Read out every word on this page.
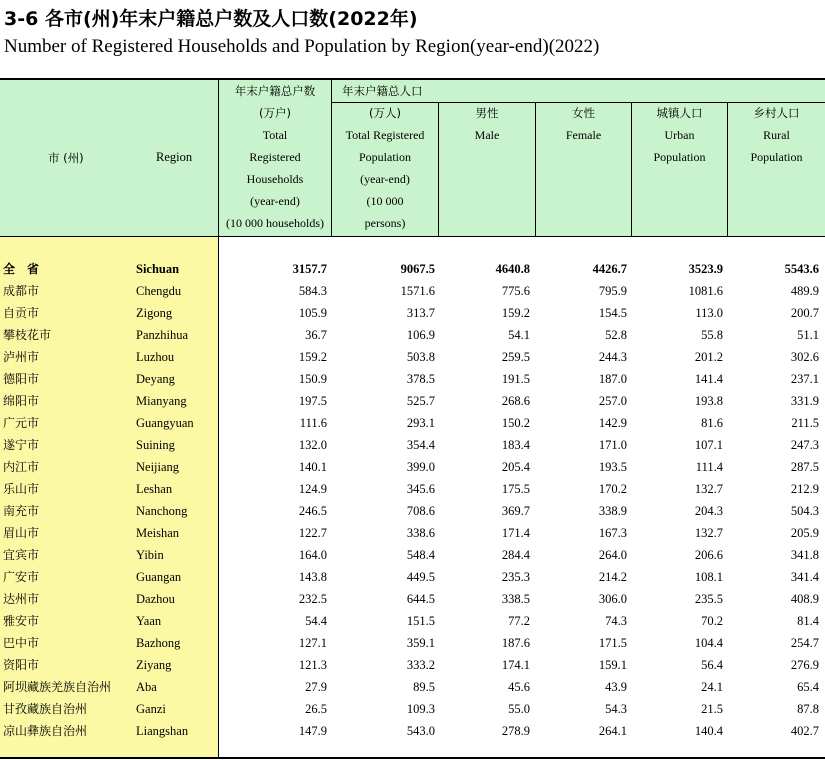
3-6 各市(州)年末户籍总户数及人口数(2022年)
Number of Registered Households and Population by Region(year-end)(2022)
市 (州)	Region
年末户籍总户数
(万户)
Total
Registered
Households
(year-end)
(10 000 households)
年末户籍总人口
(万人)
Total Registered
Population
(year-end)
(10 000
persons)
男性
Male
女性
Female
城镇人口
Urban
Population
乡村人口
Rural
Population
全　省	Sichuan	3157.7	9067.5	4640.8	4426.7	3523.9	5543.6
成都市	Chengdu	584.3	1571.6	775.6	795.9	1081.6	489.9
自贡市	Zigong	105.9	313.7	159.2	154.5	113.0	200.7
攀枝花市	Panzhihua	36.7	106.9	54.1	52.8	55.8	51.1
泸州市	Luzhou	159.2	503.8	259.5	244.3	201.2	302.6
德阳市	Deyang	150.9	378.5	191.5	187.0	141.4	237.1
绵阳市	Mianyang	197.5	525.7	268.6	257.0	193.8	331.9
广元市	Guangyuan	111.6	293.1	150.2	142.9	81.6	211.5
遂宁市	Suining	132.0	354.4	183.4	171.0	107.1	247.3
内江市	Neijiang	140.1	399.0	205.4	193.5	111.4	287.5
乐山市	Leshan	124.9	345.6	175.5	170.2	132.7	212.9
南充市	Nanchong	246.5	708.6	369.7	338.9	204.3	504.3
眉山市	Meishan	122.7	338.6	171.4	167.3	132.7	205.9
宜宾市	Yibin	164.0	548.4	284.4	264.0	206.6	341.8
广安市	Guangan	143.8	449.5	235.3	214.2	108.1	341.4
达州市	Dazhou	232.5	644.5	338.5	306.0	235.5	408.9
雅安市	Yaan	54.4	151.5	77.2	74.3	70.2	81.4
巴中市	Bazhong	127.1	359.1	187.6	171.5	104.4	254.7
资阳市	Ziyang	121.3	333.2	174.1	159.1	56.4	276.9
阿坝藏族羌族自治州 Aba	27.9	89.5	45.6	43.9	24.1	65.4
甘孜藏族自治州	Ganzi	26.5	109.3	55.0	54.3	21.5	87.8
凉山彝族自治州	Liangshan	147.9	543.0	278.9	264.1	140.4	402.7
